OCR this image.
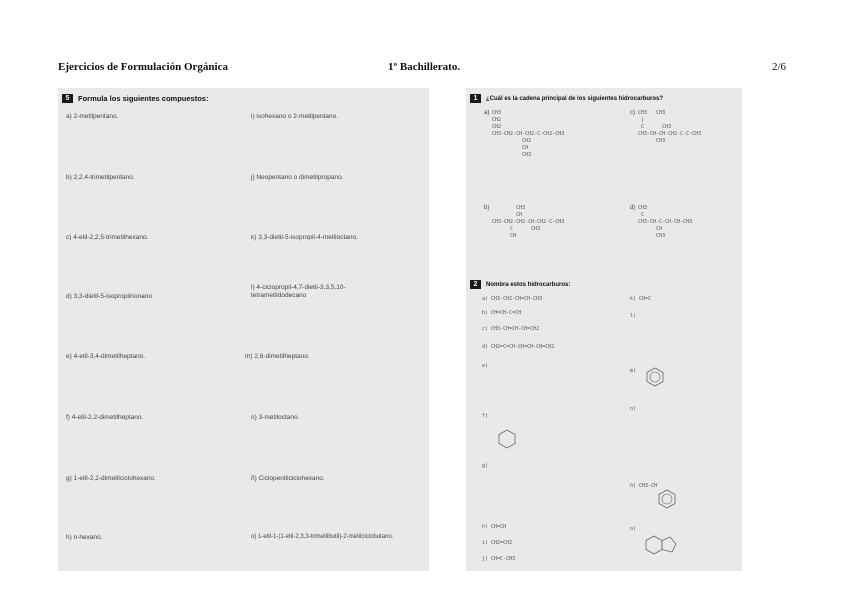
Ejercicios de Formulación Orgánica	1º Bachillerato.	2/6
5	Formula los siguientes compuestos:
a) 2-metilpentano.
b) 2,2,4-trimetilpentano.
c) 4-etil-2,2,5-trimetilhexano.
d) 3,3-dietil-5-isopropilnonano
e) 4-etil-3,4-dimetilheptano.
f) 4-etil-2,2-dimetilheptano.
g) 1-etil-2,2-dimetilciclohexano.
h) n-hexano.
i) isohexano o 2-metilpentano.
j) Neopentano o dimetilpropano.
k) 3,3-dietil-5-isopropil-4-metiloctano.
l) 4-ciclopropil-4,7-dietil-3,3,5,10-tetrametildodecano
m) 2,6-dimetilheptano.
n) 3-metiloctano.
ñ) Ciclopentilciclohexano.
o) 1-etil-1-(1-etil-2,3,3-trimetilbutil)-2-metilciclobutano.
1	¿Cuál es la cadena principal de los siguientes hidrocarburos?
a) CH3
CH2
CH2
CH3-CH2-CH-CH2-C-CH2-CH3
CH2
CH
CH3
c) CH3   CH3
|
C      CH3
CH3-CH-CH-CH2-C-C-CH3
CH3
b)	CH3
CH
CH3-CH2-CH2-CH-CH2-C-CH3
C      CH3
CH
d) CH3
C
CH3-CH-C-CH-CH-CH3
CH
CH3
2	Nombra estos hidrocarburos:
a) CH3-CH2-CH=CH-CH3
b) CH=CH-C=CH
c) CH3-CH=CH-CH=CH2
d) CH2=C=CH-CH=CH-CH=CH2
e)
f)
g)
h) CH=CH
i) CH2=CH2
j) CH=C-CH3
k) CH=C
l)
m)
n)
ñ) CH3-CH
o)
